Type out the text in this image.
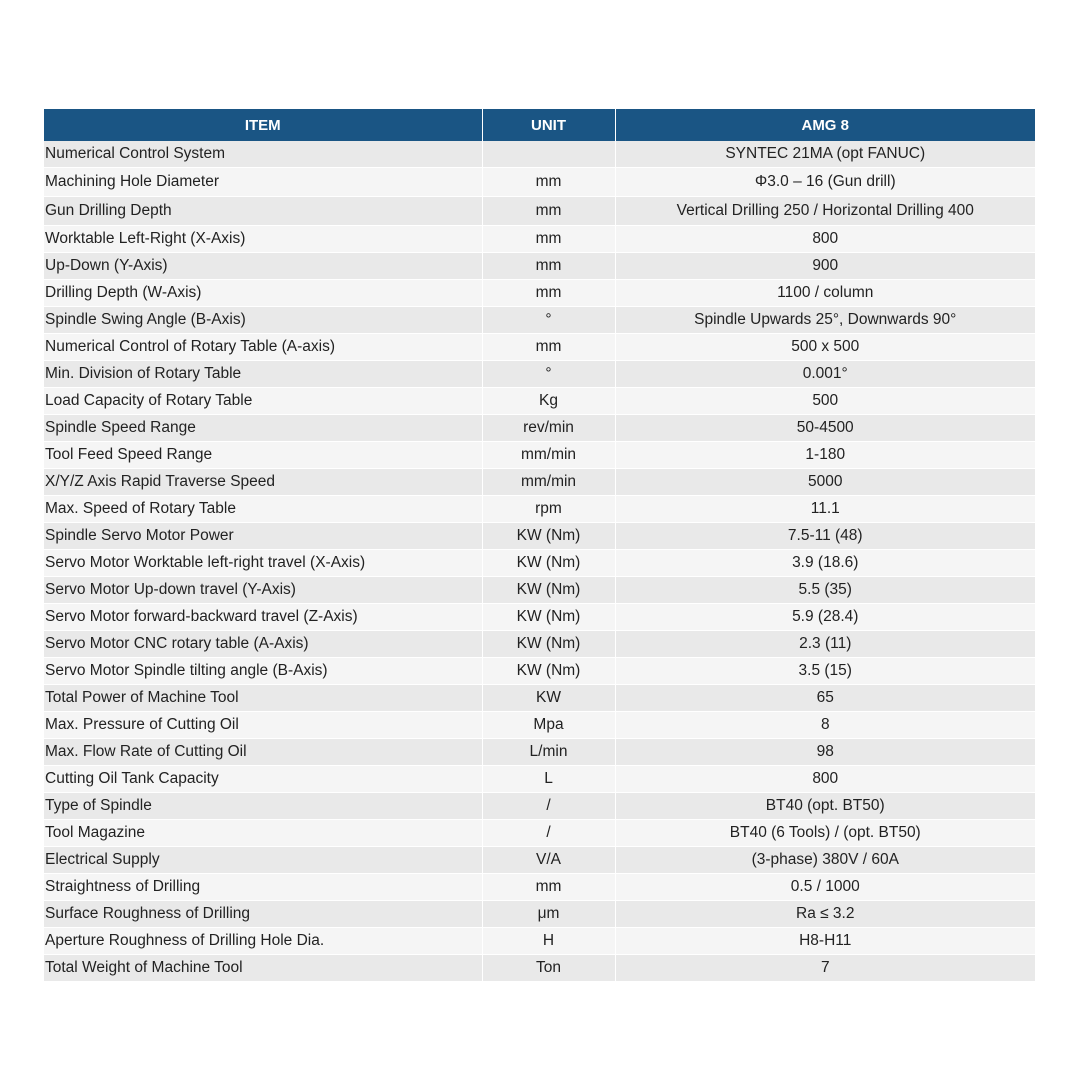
ITEM	UNIT	AMG 8
Numerical Control System		SYNTEC 21MA (opt FANUC)
Machining Hole Diameter	mm	Φ3.0 – 16 (Gun drill)
Gun Drilling Depth	mm	Vertical Drilling 250 / Horizontal Drilling 400
Worktable Left-Right (X-Axis)	mm	800
Up-Down (Y-Axis)	mm	900
Drilling Depth (W-Axis)	mm	1100 / column
Spindle Swing Angle (B-Axis)	°	Spindle Upwards 25°, Downwards 90°
Numerical Control of Rotary Table (A-axis)	mm	500 x 500
Min. Division of Rotary Table	°	0.001°
Load Capacity of Rotary Table	Kg	500
Spindle Speed Range	rev/min	50-4500
Tool Feed Speed Range	mm/min	1-180
X/Y/Z Axis Rapid Traverse Speed	mm/min	5000
Max. Speed of Rotary Table	rpm	11.1
Spindle Servo Motor Power	KW (Nm)	7.5-11 (48)
Servo Motor Worktable left-right travel (X-Axis)	KW (Nm)	3.9 (18.6)
Servo Motor Up-down travel (Y-Axis)	KW (Nm)	5.5 (35)
Servo Motor forward-backward travel (Z-Axis)	KW (Nm)	5.9 (28.4)
Servo Motor CNC rotary table (A-Axis)	KW (Nm)	2.3 (11)
Servo Motor Spindle tilting angle (B-Axis)	KW (Nm)	3.5 (15)
Total Power of Machine Tool	KW	65
Max. Pressure of Cutting Oil	Mpa	8
Max. Flow Rate of Cutting Oil	L/min	98
Cutting Oil Tank Capacity	L	800
Type of Spindle	/	BT40 (opt. BT50)
Tool Magazine	/	BT40 (6 Tools) / (opt. BT50)
Electrical Supply	V/A	(3-phase) 380V / 60A
Straightness of Drilling	mm	0.5 / 1000
Surface Roughness of Drilling	μm	Ra ≤ 3.2
Aperture Roughness of Drilling Hole Dia.	H	H8-H11
Total Weight of Machine Tool	Ton	7
